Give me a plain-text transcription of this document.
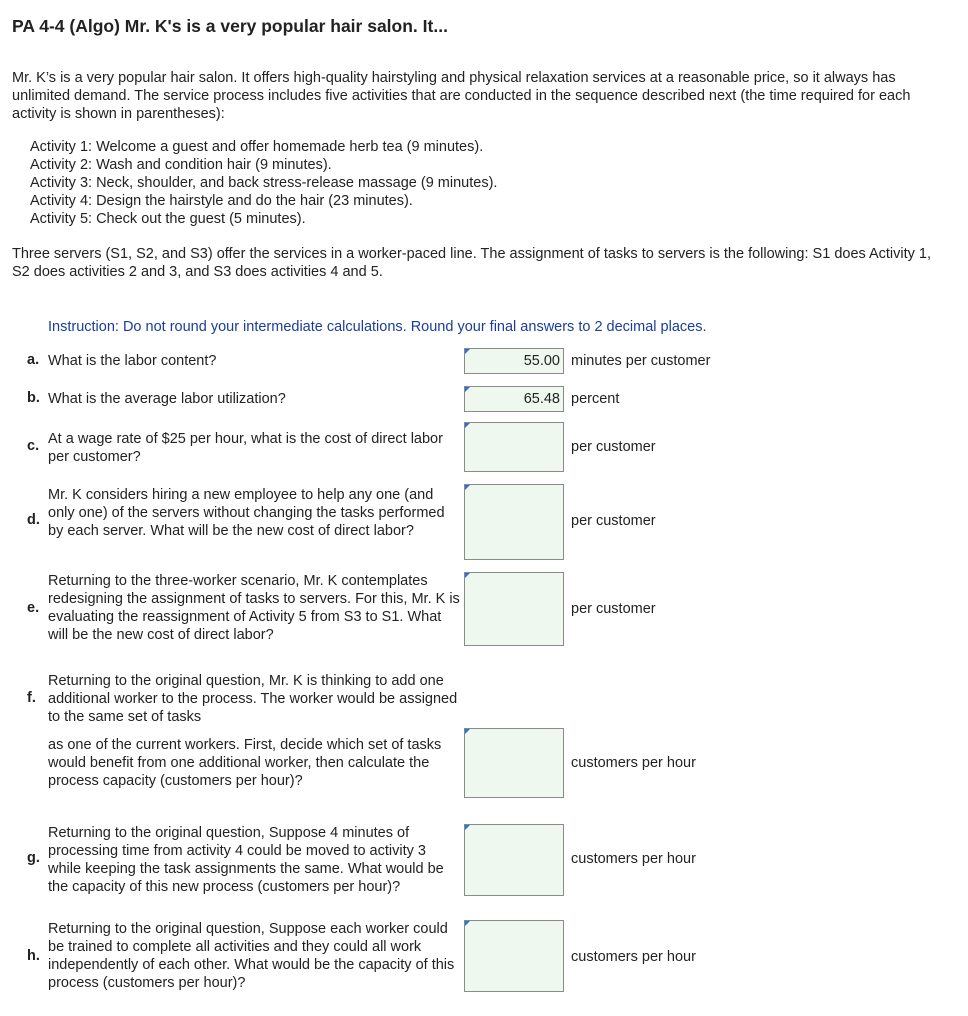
PA 4-4 (Algo) Mr. K's is a very popular hair salon. It...
Mr. K’s is a very popular hair salon. It offers high-quality hairstyling and physical relaxation services at a reasonable price, so it always has unlimited demand. The service process includes five activities that are conducted in the sequence described next (the time required for each activity is shown in parentheses):
Activity 1: Welcome a guest and offer homemade herb tea (9 minutes).
Activity 2: Wash and condition hair (9 minutes).
Activity 3: Neck, shoulder, and back stress-release massage (9 minutes).
Activity 4: Design the hairstyle and do the hair (23 minutes).
Activity 5: Check out the guest (5 minutes).
Three servers (S1, S2, and S3) offer the services in a worker-paced line. The assignment of tasks to servers is the following: S1 does Activity 1, S2 does activities 2 and 3, and S3 does activities 4 and 5.
Instruction: Do not round your intermediate calculations. Round your final answers to 2 decimal places.
a. What is the labor content?	55.00 minutes per customer
b. What is the average labor utilization?	65.48 percent
c. At a wage rate of $25 per hour, what is the cost of direct labor per customer?
per customer
d.
Mr. K considers hiring a new employee to help any one (and only one) of the servers without changing the tasks performed by each server. What will be the new cost of direct labor?
per customer
e.
Returning to the three-worker scenario, Mr. K contemplates redesigning the assignment of tasks to servers. For this, Mr. K is evaluating the reassignment of Activity 5 from S3 to S1. What will be the new cost of direct labor?
per customer
f.
Returning to the original question, Mr. K is thinking to add one additional worker to the process. The worker would be assigned to the same set of tasks
as one of the current workers. First, decide which set of tasks would benefit from one additional worker, then calculate the process capacity (customers per hour)?
customers per hour
g.
Returning to the original question, Suppose 4 minutes of processing time from activity 4 could be moved to activity 3 while keeping the task assignments the same. What would be the capacity of this new process (customers per hour)?
customers per hour
h.
Returning to the original question, Suppose each worker could be trained to complete all activities and they could all work independently of each other. What would be the capacity of this process (customers per hour)?
customers per hour
